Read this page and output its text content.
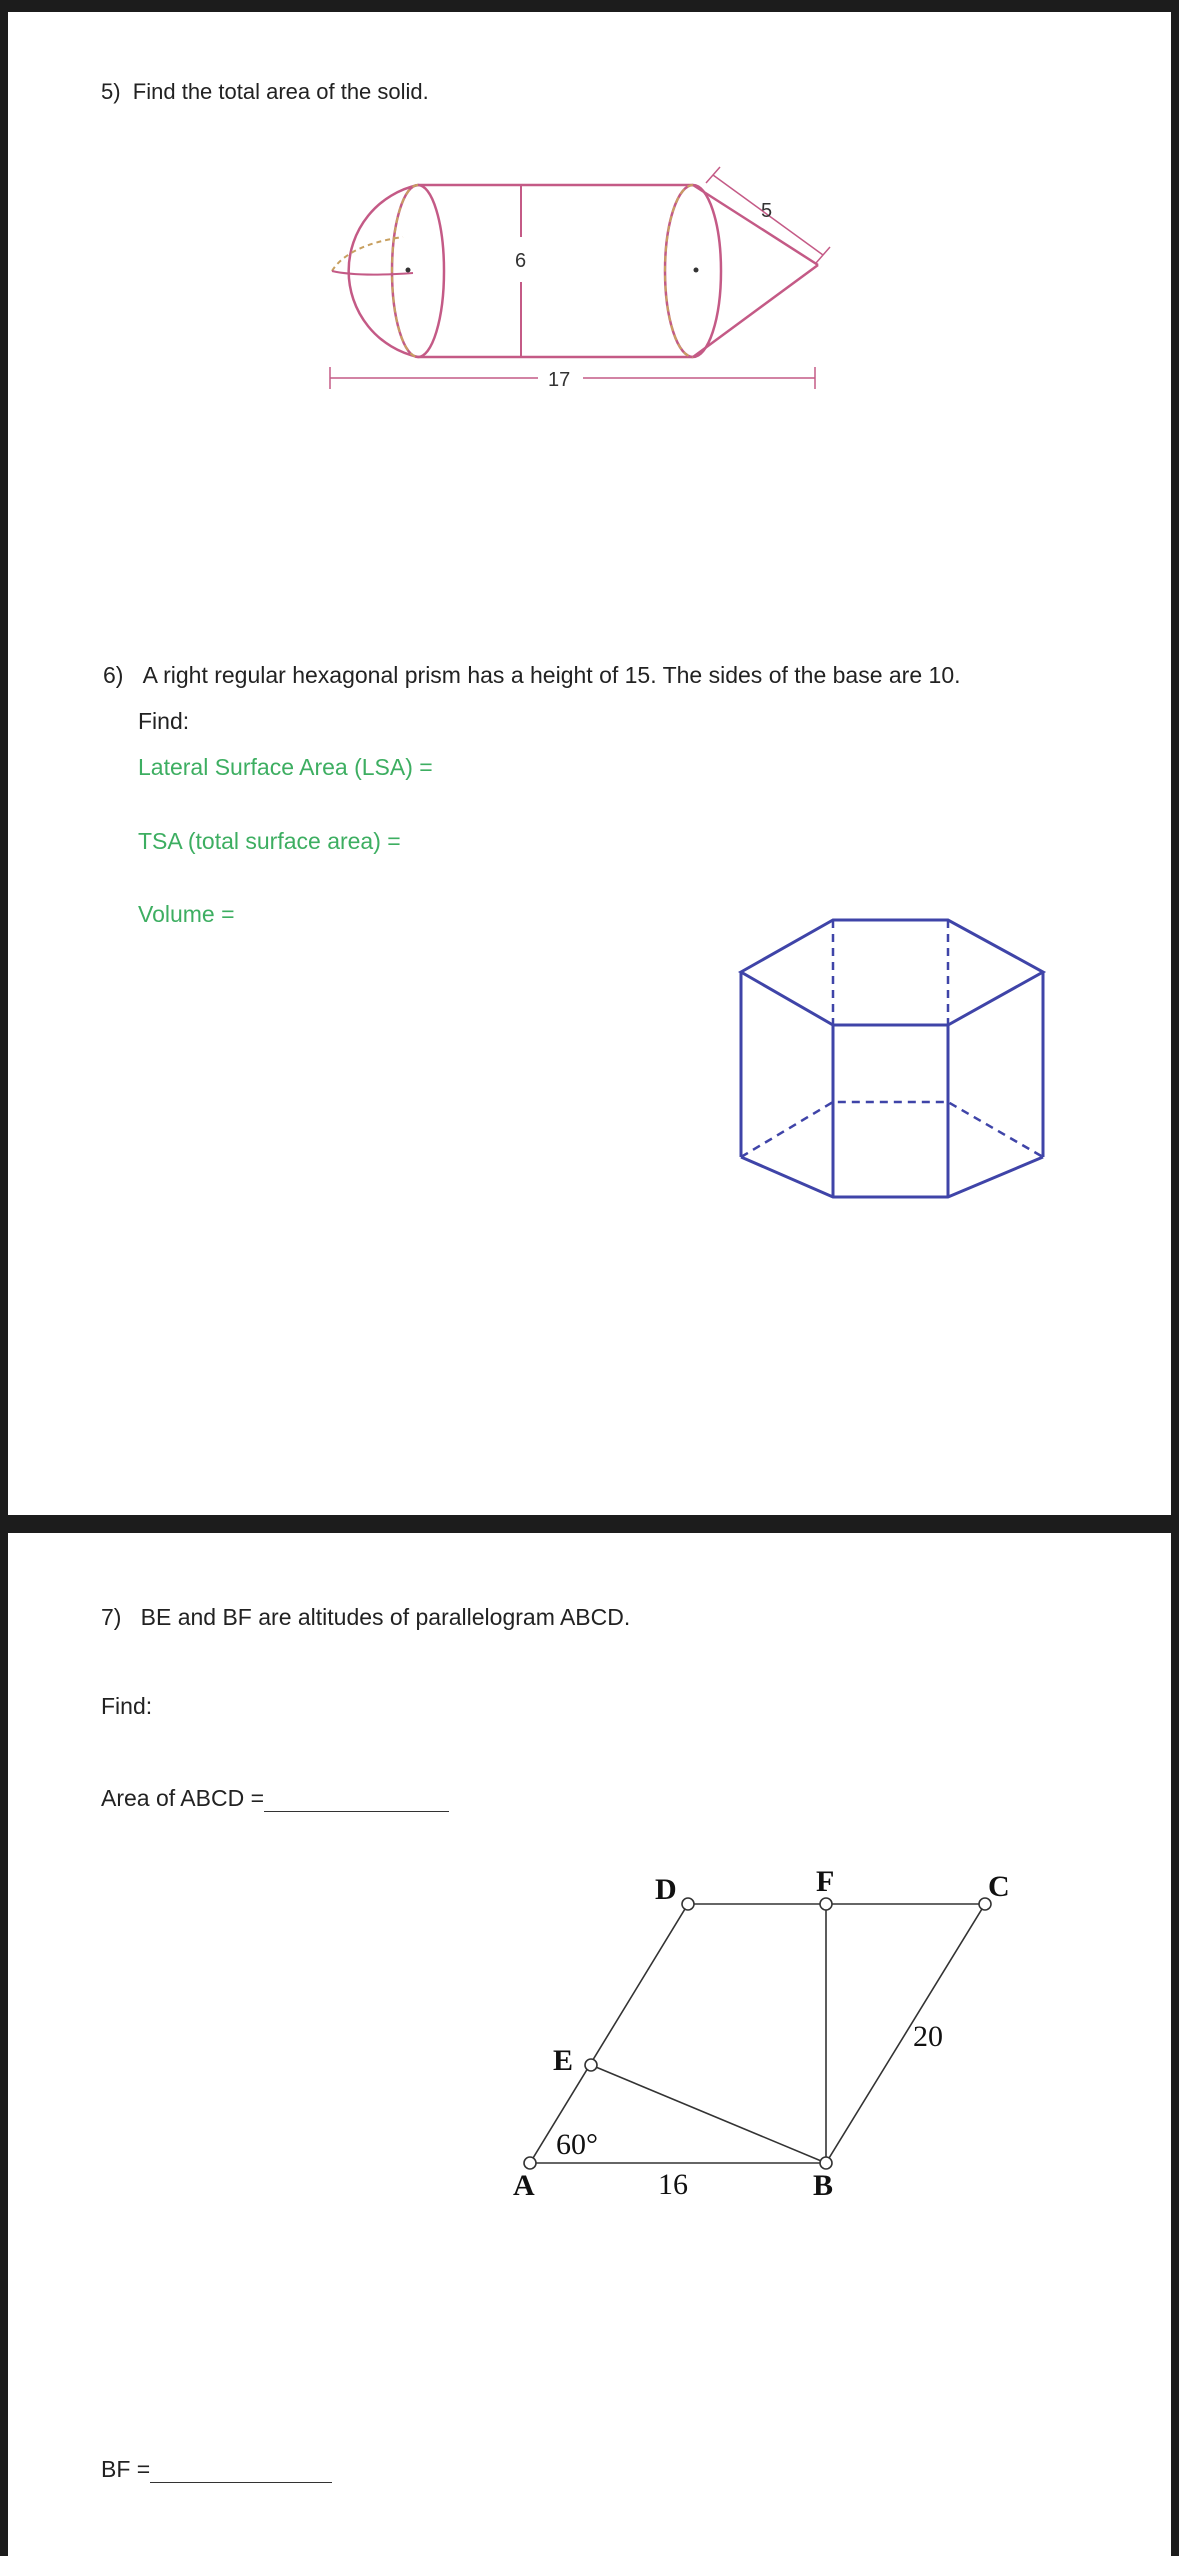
5) Find the total area of the solid.
6
5
17
6) A right regular hexagonal prism has a height of 15. The sides of the base are 10.
Find:
Lateral Surface Area (LSA) =
TSA (total surface area) =
Volume =
7) BE and BF are altitudes of parallelogram ABCD.
Find:
Area of ABCD =
A	B
C
D	F
E
60°
16
20
BF =
